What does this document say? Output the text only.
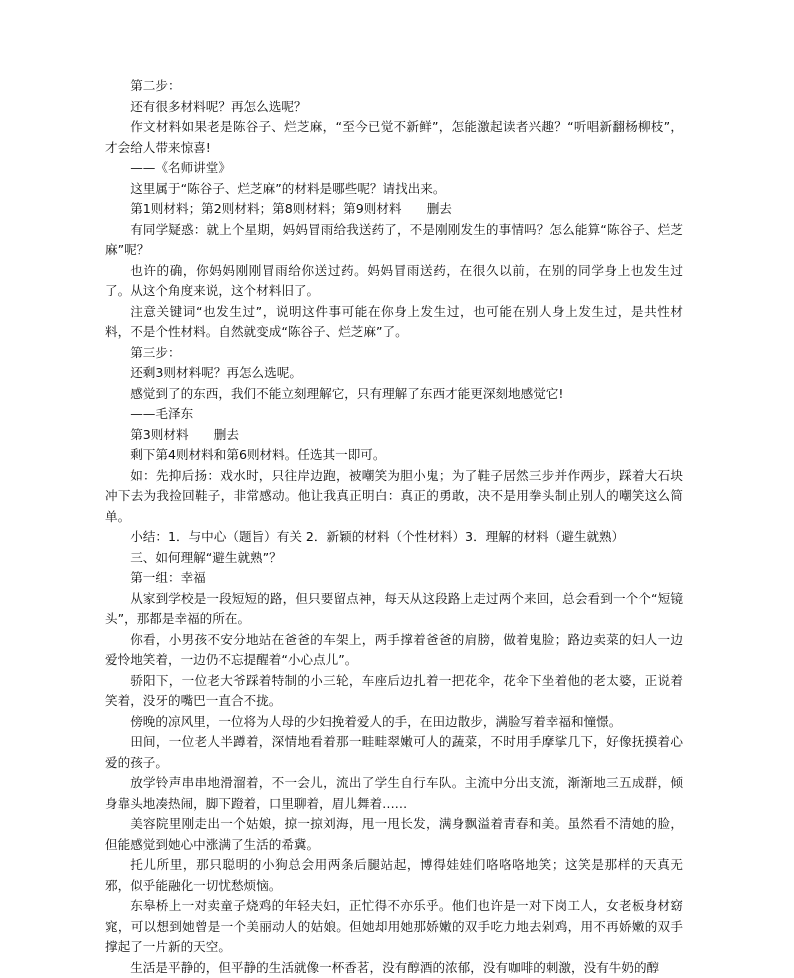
第二步：

还有很多材料呢？再怎么选呢？

作文材料如果老是陈谷子、烂芝麻，“至今已觉不新鲜”，怎能激起读者兴趣？“听唱新翻杨柳枝”，才会给人带来惊喜!

——《名师讲堂》

这里属于“陈谷子、烂芝麻”的材料是哪些呢？请找出来。

第1则材料；第2则材料；第8则材料；第9则材料　　删去

有同学疑惑：就上个星期，妈妈冒雨给我送药了，不是刚刚发生的事情吗？怎么能算“陈谷子、烂芝麻”呢？

也许的确，你妈妈刚刚冒雨给你送过药。妈妈冒雨送药，在很久以前，在别的同学身上也发生过了。从这个角度来说，这个材料旧了。

注意关键词“也发生过”，说明这件事可能在你身上发生过，也可能在别人身上发生过，是共性材料，不是个性材料。自然就变成“陈谷子、烂芝麻”了。

第三步：

还剩3则材料呢？再怎么选呢。

感觉到了的东西，我们不能立刻理解它，只有理解了东西才能更深刻地感觉它!

——毛泽东

第3则材料　　删去

剩下第4则材料和第6则材料。任选其一即可。

如：先抑后扬：戏水时，只往岸边跑，被嘲笑为胆小鬼；为了鞋子居然三步并作两步，踩着大石块冲下去为我捡回鞋子，非常感动。他让我真正明白：真正的勇敢，决不是用拳头制止别人的嘲笑这么简单。

小结：1．与中心（题旨）有关 2．新颖的材料（个性材料）3．理解的材料（避生就熟）

三、如何理解“避生就熟”？

第一组：幸福

从家到学校是一段短短的路，但只要留点神，每天从这段路上走过两个来回，总会看到一个个“短镜头”，那都是幸福的所在。

你看，小男孩不安分地站在爸爸的车架上，两手撑着爸爸的肩膀，做着鬼脸；路边卖菜的妇人一边爱怜地笑着，一边仍不忘提醒着“小心点儿”。

骄阳下，一位老大爷踩着特制的小三轮，车座后边扎着一把花伞，花伞下坐着他的老太婆，正说着笑着，没牙的嘴巴一直合不拢。

傍晚的凉风里，一位将为人母的少妇挽着爱人的手，在田边散步，满脸写着幸福和憧憬。

田间，一位老人半蹲着，深情地看着那一畦畦翠嫩可人的蔬菜，不时用手摩挲几下，好像抚摸着心爱的孩子。

放学铃声串串地滑溜着，不一会儿，流出了学生自行车队。主流中分出支流，渐渐地三五成群，倾身靠头地凑热闹，脚下蹬着，口里聊着，眉儿舞着……

美容院里刚走出一个姑娘，掠一掠刘海，甩一甩长发，满身飘溢着青春和美。虽然看不清她的脸，但能感觉到她心中涨满了生活的希冀。

托儿所里，那只聪明的小狗总会用两条后腿站起，博得娃娃们咯咯咯地笑；这笑是那样的天真无邪，似乎能融化一切忧愁烦恼。

东皋桥上一对卖童子烧鸡的年轻夫妇，正忙得不亦乐乎。他们也许是一对下岗工人，女老板身材窈窕，可以想到她曾是一个美丽动人的姑娘。但她却用她那娇嫩的双手吃力地去剁鸡，用不再娇嫩的双手撑起了一片新的天空。

生活是平静的，但平静的生活就像一杯香茗，没有醇酒的浓郁，没有咖啡的刺激，没有牛奶的醇
